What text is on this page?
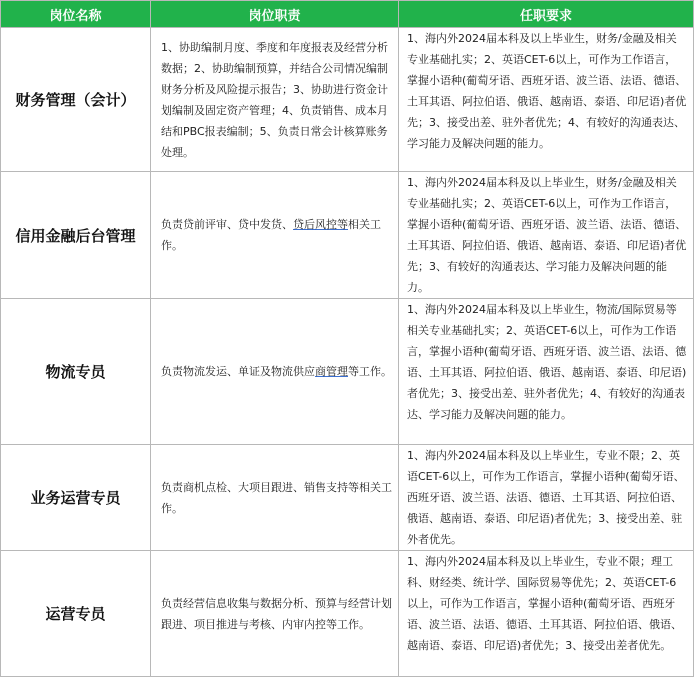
岗位名称	岗位职责	任职要求
财务管理（会计）	1、协助编制月度、季度和年度报表及经营分析数据；2、协助编制预算，并结合公司情况编制财务分析及风险提示报告；3、协助进行资金计划编制及固定资产管理；4、负责销售、成本月结和PBC报表编制；5、负责日常会计核算账务处理。	1、海内外2024届本科及以上毕业生，财务/金融及相关专业基础扎实；2、英语CET-6以上，可作为工作语言，掌握小语种(葡萄牙语、西班牙语、波兰语、法语、德语、土耳其语、阿拉伯语、俄语、越南语、泰语、印尼语)者优先；3、接受出差、驻外者优先；4、有较好的沟通表达、学习能力及解决问题的能力。
信用金融后台管理	负责贷前评审、贷中发货、贷后风控等相关工作。	1、海内外2024届本科及以上毕业生，财务/金融及相关专业基础扎实；2、英语CET-6以上，可作为工作语言，掌握小语种(葡萄牙语、西班牙语、波兰语、法语、德语、土耳其语、阿拉伯语、俄语、越南语、泰语、印尼语)者优先；3、有较好的沟通表达、学习能力及解决问题的能力。
物流专员	负责物流发运、单证及物流供应商管理等工作。	1、海内外2024届本科及以上毕业生，物流/国际贸易等相关专业基础扎实；2、英语CET-6以上，可作为工作语言，掌握小语种(葡萄牙语、西班牙语、波兰语、法语、德语、土耳其语、阿拉伯语、俄语、越南语、泰语、印尼语)者优先；3、接受出差、驻外者优先；4、有较好的沟通表达、学习能力及解决问题的能力。
业务运营专员	负责商机点检、大项目跟进、销售支持等相关工作。	1、海内外2024届本科及以上毕业生，专业不限；2、英语CET-6以上，可作为工作语言，掌握小语种(葡萄牙语、西班牙语、波兰语、法语、德语、土耳其语、阿拉伯语、俄语、越南语、泰语、印尼语)者优先；3、接受出差、驻外者优先。
运营专员	负责经营信息收集与数据分析、预算与经营计划跟进、项目推进与考核、内审内控等工作。	1、海内外2024届本科及以上毕业生，专业不限；理工科、财经类、统计学、国际贸易等优先；2、英语CET-6以上，可作为工作语言，掌握小语种(葡萄牙语、西班牙语、波兰语、法语、德语、土耳其语、阿拉伯语、俄语、越南语、泰语、印尼语)者优先；3、接受出差者优先。
